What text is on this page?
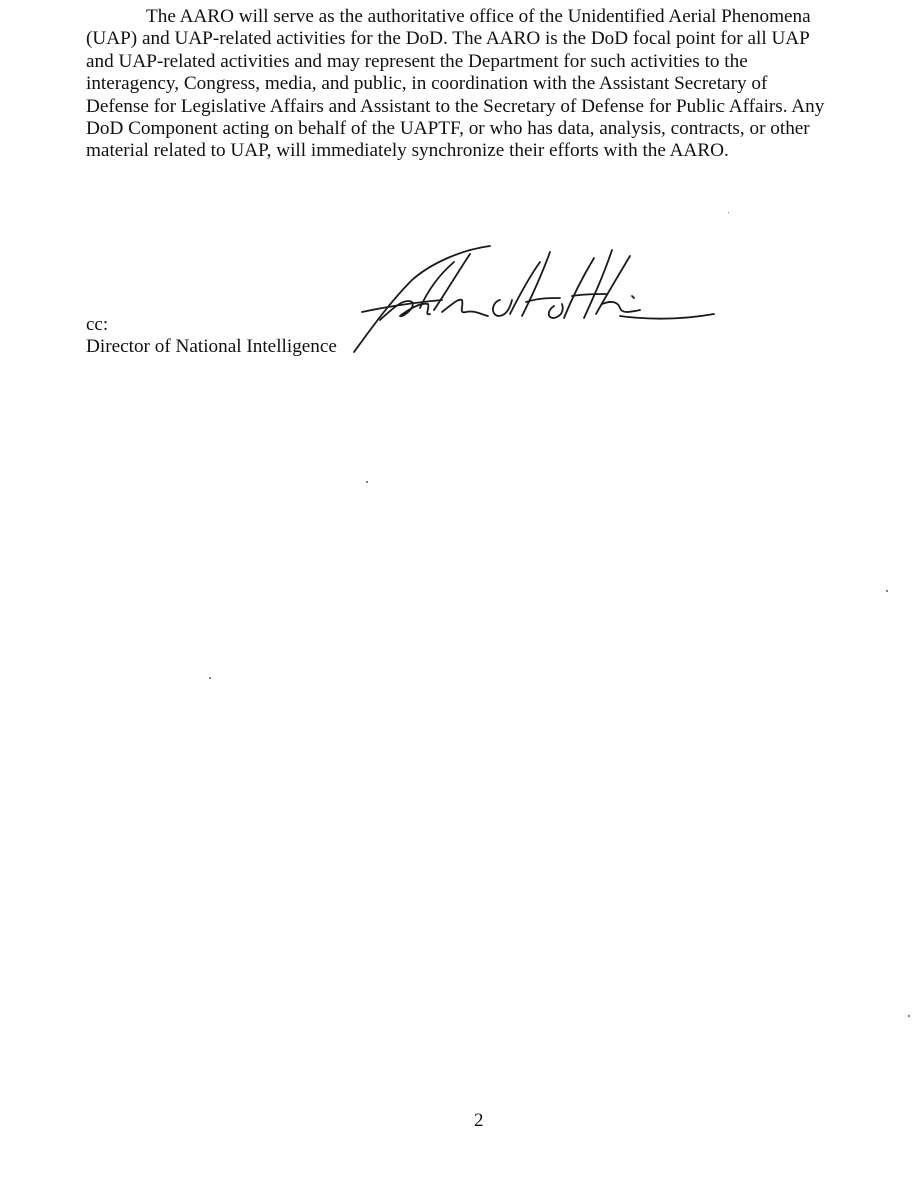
The AARO will serve as the authoritative office of the Unidentified Aerial Phenomena
(UAP) and UAP-related activities for the DoD. The AARO is the DoD focal point for all UAP
and UAP-related activities and may represent the Department for such activities to the
interagency, Congress, media, and public, in coordination with the Assistant Secretary of
Defense for Legislative Affairs and Assistant to the Secretary of Defense for Public Affairs. Any
DoD Component acting on behalf of the UAPTF, or who has data, analysis, contracts, or other
material related to UAP, will immediately synchronize their efforts with the AARO.

cc:
Director of National Intelligence
2
